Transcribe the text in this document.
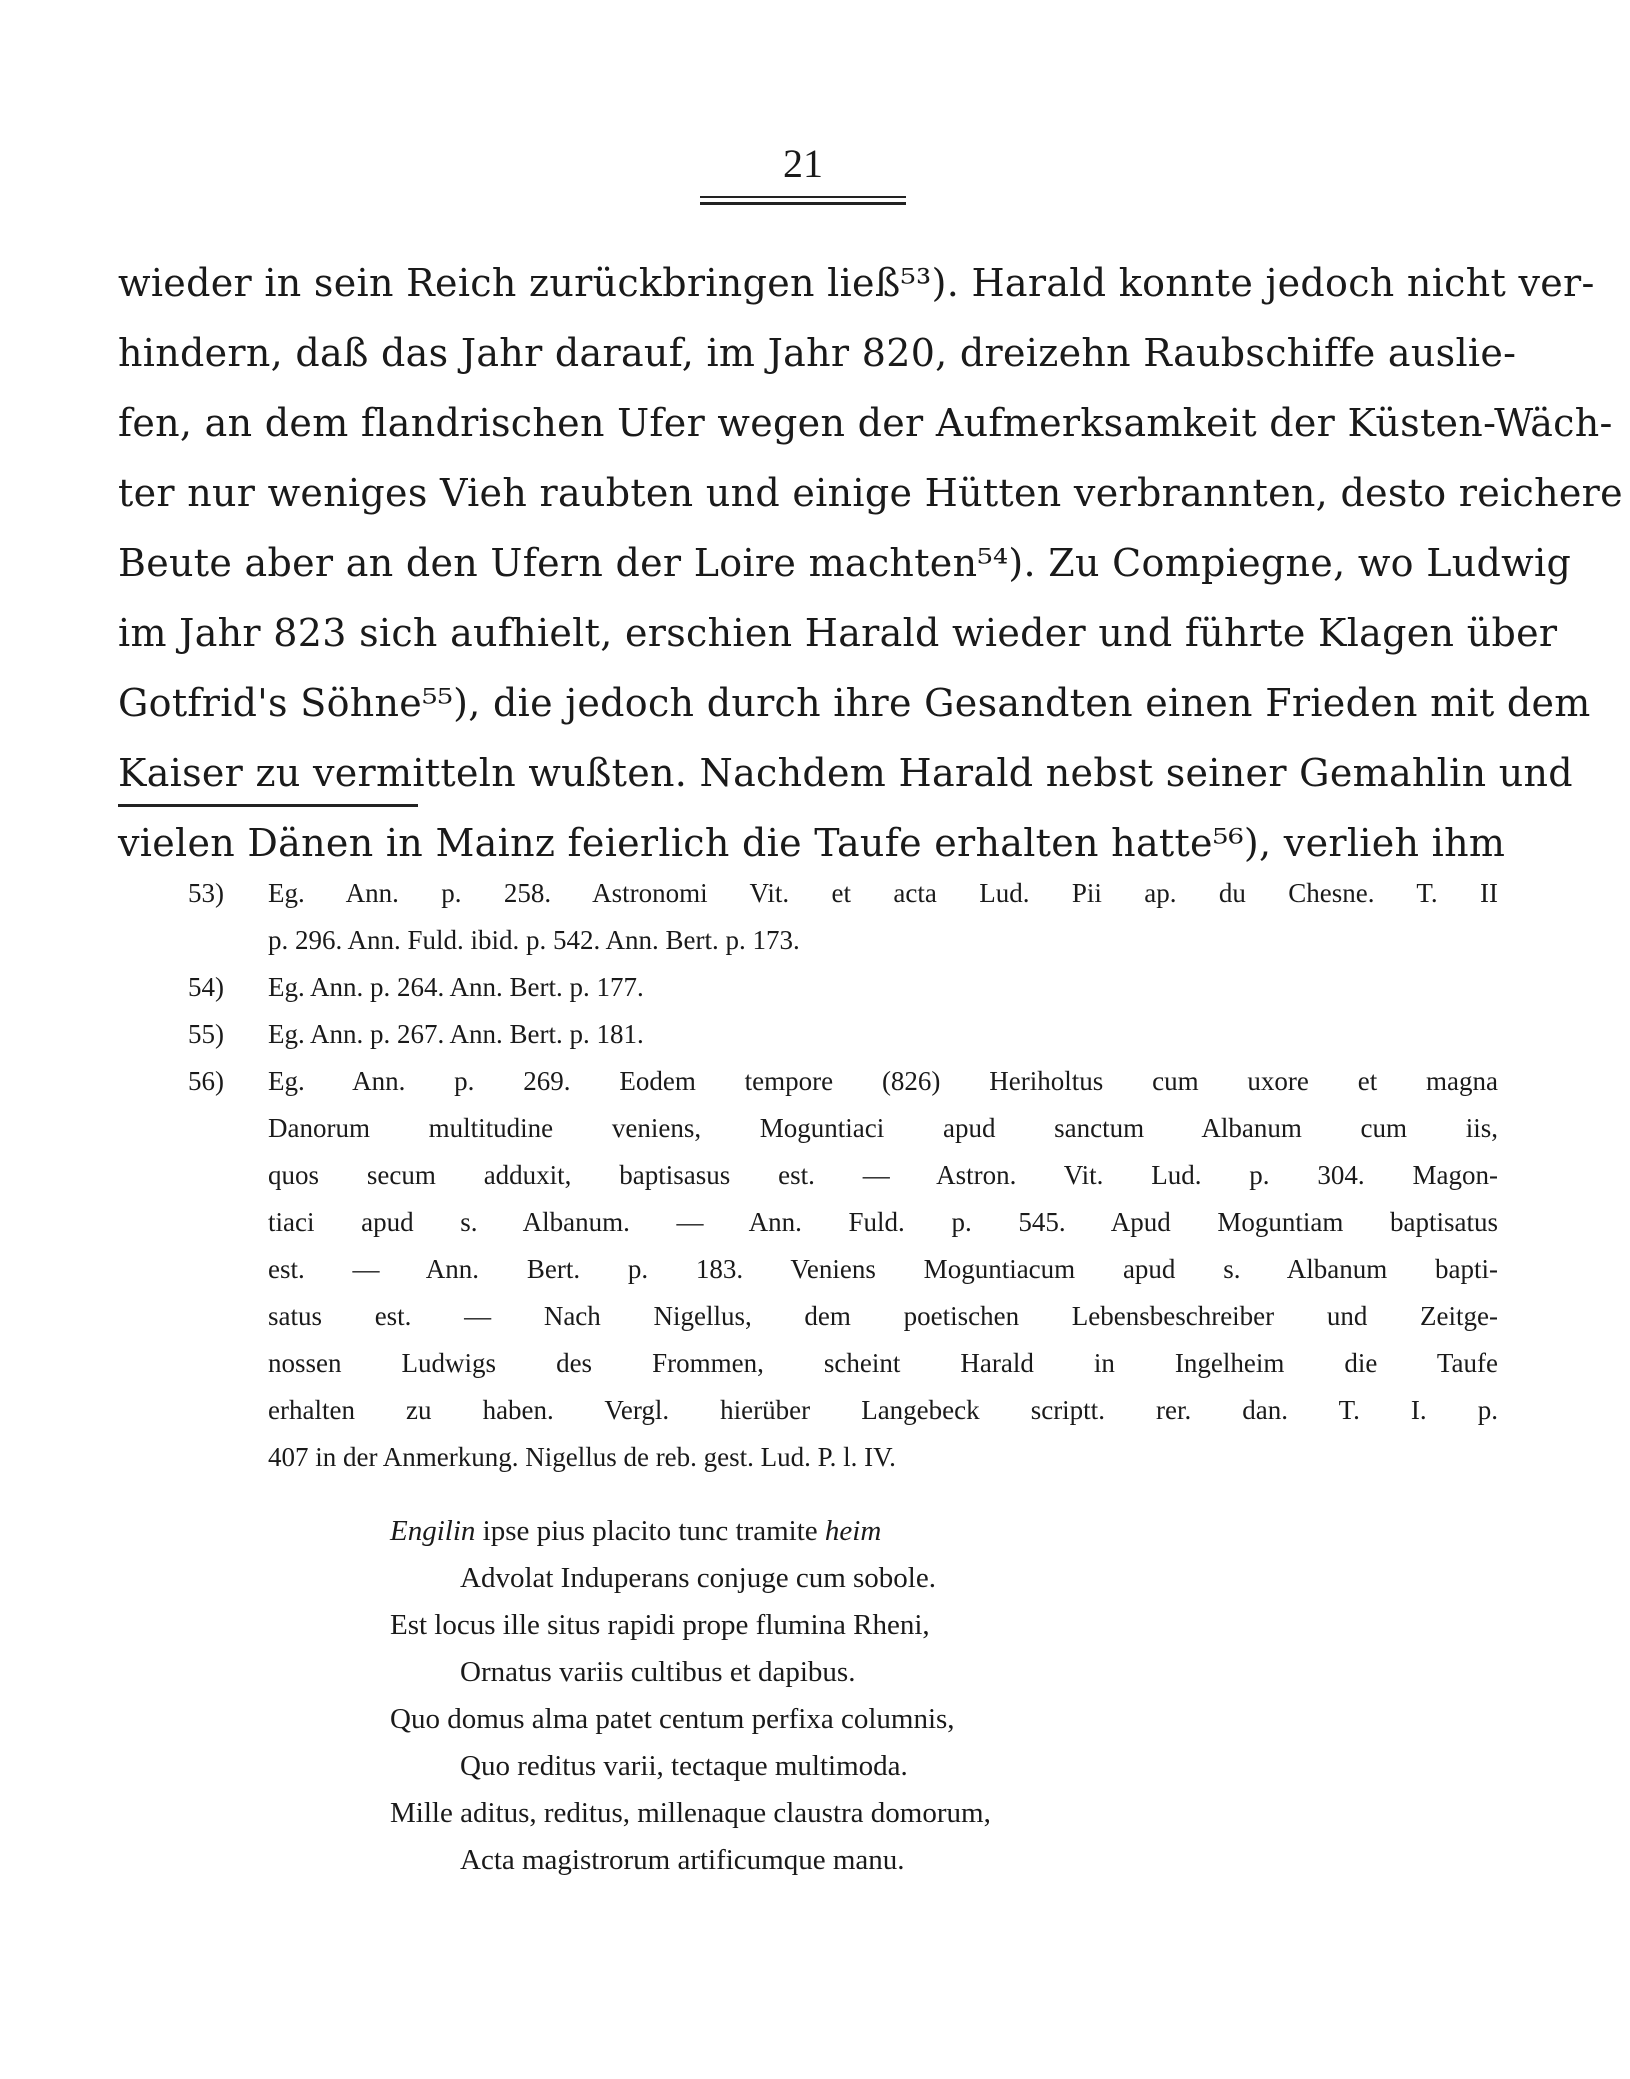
21
wieder in sein Reich zurückbringen ließ⁵³). Harald konnte jedoch nicht ver-
hindern, daß das Jahr darauf, im Jahr 820, dreizehn Raubschiffe auslie-
fen, an dem flandrischen Ufer wegen der Aufmerksamkeit der Küsten-Wäch-
ter nur weniges Vieh raubten und einige Hütten verbrannten, desto reichere
Beute aber an den Ufern der Loire machten⁵⁴). Zu Compiegne, wo Ludwig
im Jahr 823 sich aufhielt, erschien Harald wieder und führte Klagen über
Gotfrid's Söhne⁵⁵), die jedoch durch ihre Gesandten einen Frieden mit dem
Kaiser zu vermitteln wußten. Nachdem Harald nebst seiner Gemahlin und
vielen Dänen in Mainz feierlich die Taufe erhalten hatte⁵⁶), verlieh ihm
53)	Eg. Ann. p. 258. Astronomi Vit. et acta Lud. Pii ap. du Chesne. T. II
p. 296. Ann. Fuld. ibid. p. 542. Ann. Bert. p. 173.
54)	Eg. Ann. p. 264. Ann. Bert. p. 177.
55)	Eg. Ann. p. 267. Ann. Bert. p. 181.
56)	Eg. Ann. p. 269. Eodem tempore (826) Heriholtus cum uxore et magna
Danorum multitudine veniens, Moguntiaci apud sanctum Albanum cum iis,
quos secum adduxit, baptisasus est. — Astron. Vit. Lud. p. 304. Magon-
tiaci apud s. Albanum. — Ann. Fuld. p. 545. Apud Moguntiam baptisatus
est. — Ann. Bert. p. 183. Veniens Moguntiacum apud s. Albanum bapti-
satus est. — Nach Nigellus, dem poetischen Lebensbeschreiber und Zeitge-
nossen Ludwigs des Frommen, scheint Harald in Ingelheim die Taufe
erhalten zu haben. Vergl. hierüber Langebeck scriptt. rer. dan. T. I. p.
407 in der Anmerkung. Nigellus de reb. gest. Lud. P. l. IV.
Engilin ipse pius placito tunc tramite heim
Advolat Induperans conjuge cum sobole.
Est locus ille situs rapidi prope flumina Rheni,
Ornatus variis cultibus et dapibus.
Quo domus alma patet centum perfixa columnis,
Quo reditus varii, tectaque multimoda.
Mille aditus, reditus, millenaque claustra domorum,
Acta magistrorum artificumque manu.
